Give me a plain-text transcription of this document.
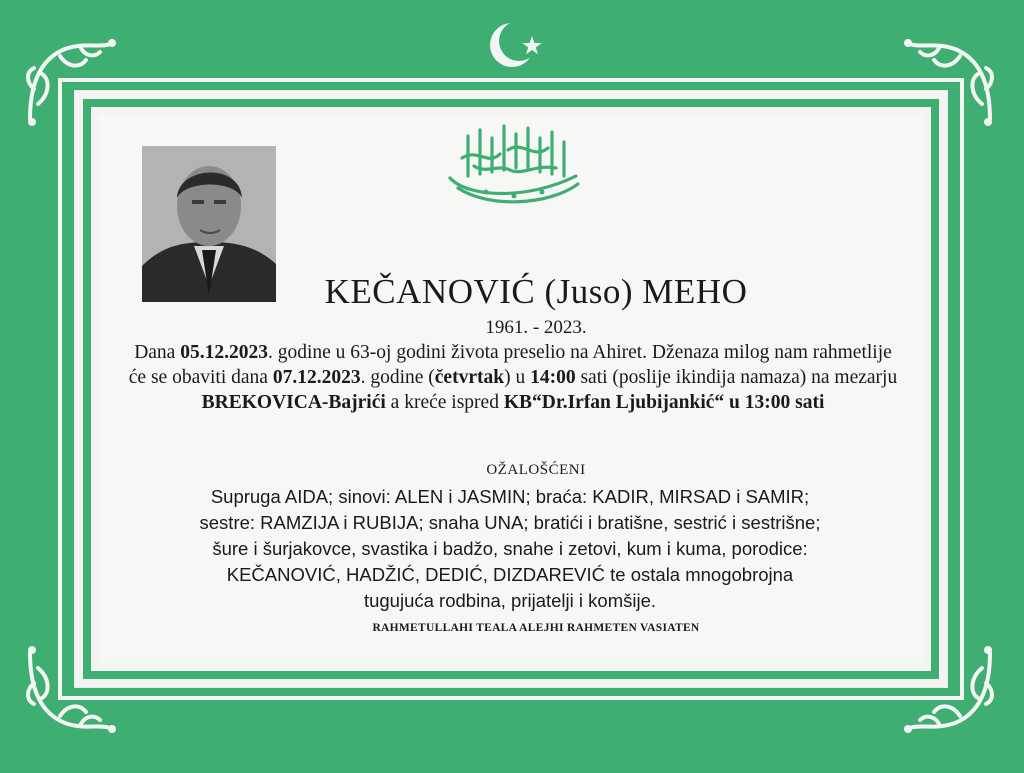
KEČANOVIĆ (Juso) MEHO
1961. - 2023.
Dana 05.12.2023. godine u 63-oj godini života preselio na Ahiret. Dženaza milog nam rahmetlije će se obaviti dana 07.12.2023. godine (četvrtak) u 14:00 sati (poslije ikindija namaza) na mezarju BREKOVICA-Bajrići a kreće ispred KB“Dr.Irfan Ljubijankić“ u 13:00 sati
OŽALOŠĆENI
Supruga AIDA; sinovi: ALEN i JASMIN; braća: KADIR, MIRSAD i SAMIR;
sestre: RAMZIJA i RUBIJA; snaha UNA; bratići i bratišne, sestrić i sestrišne;
šure i šurjakovce, svastika i badžo, snahe i zetovi, kum i kuma, porodice:
KEČANOVIĆ, HADŽIĆ, DEDIĆ, DIZDAREVIĆ te ostala mnogobrojna
tugujuća rodbina, prijatelji i komšije.
RAHMETULLAHI TEALA ALEJHI RAHMETEN VASIATEN
